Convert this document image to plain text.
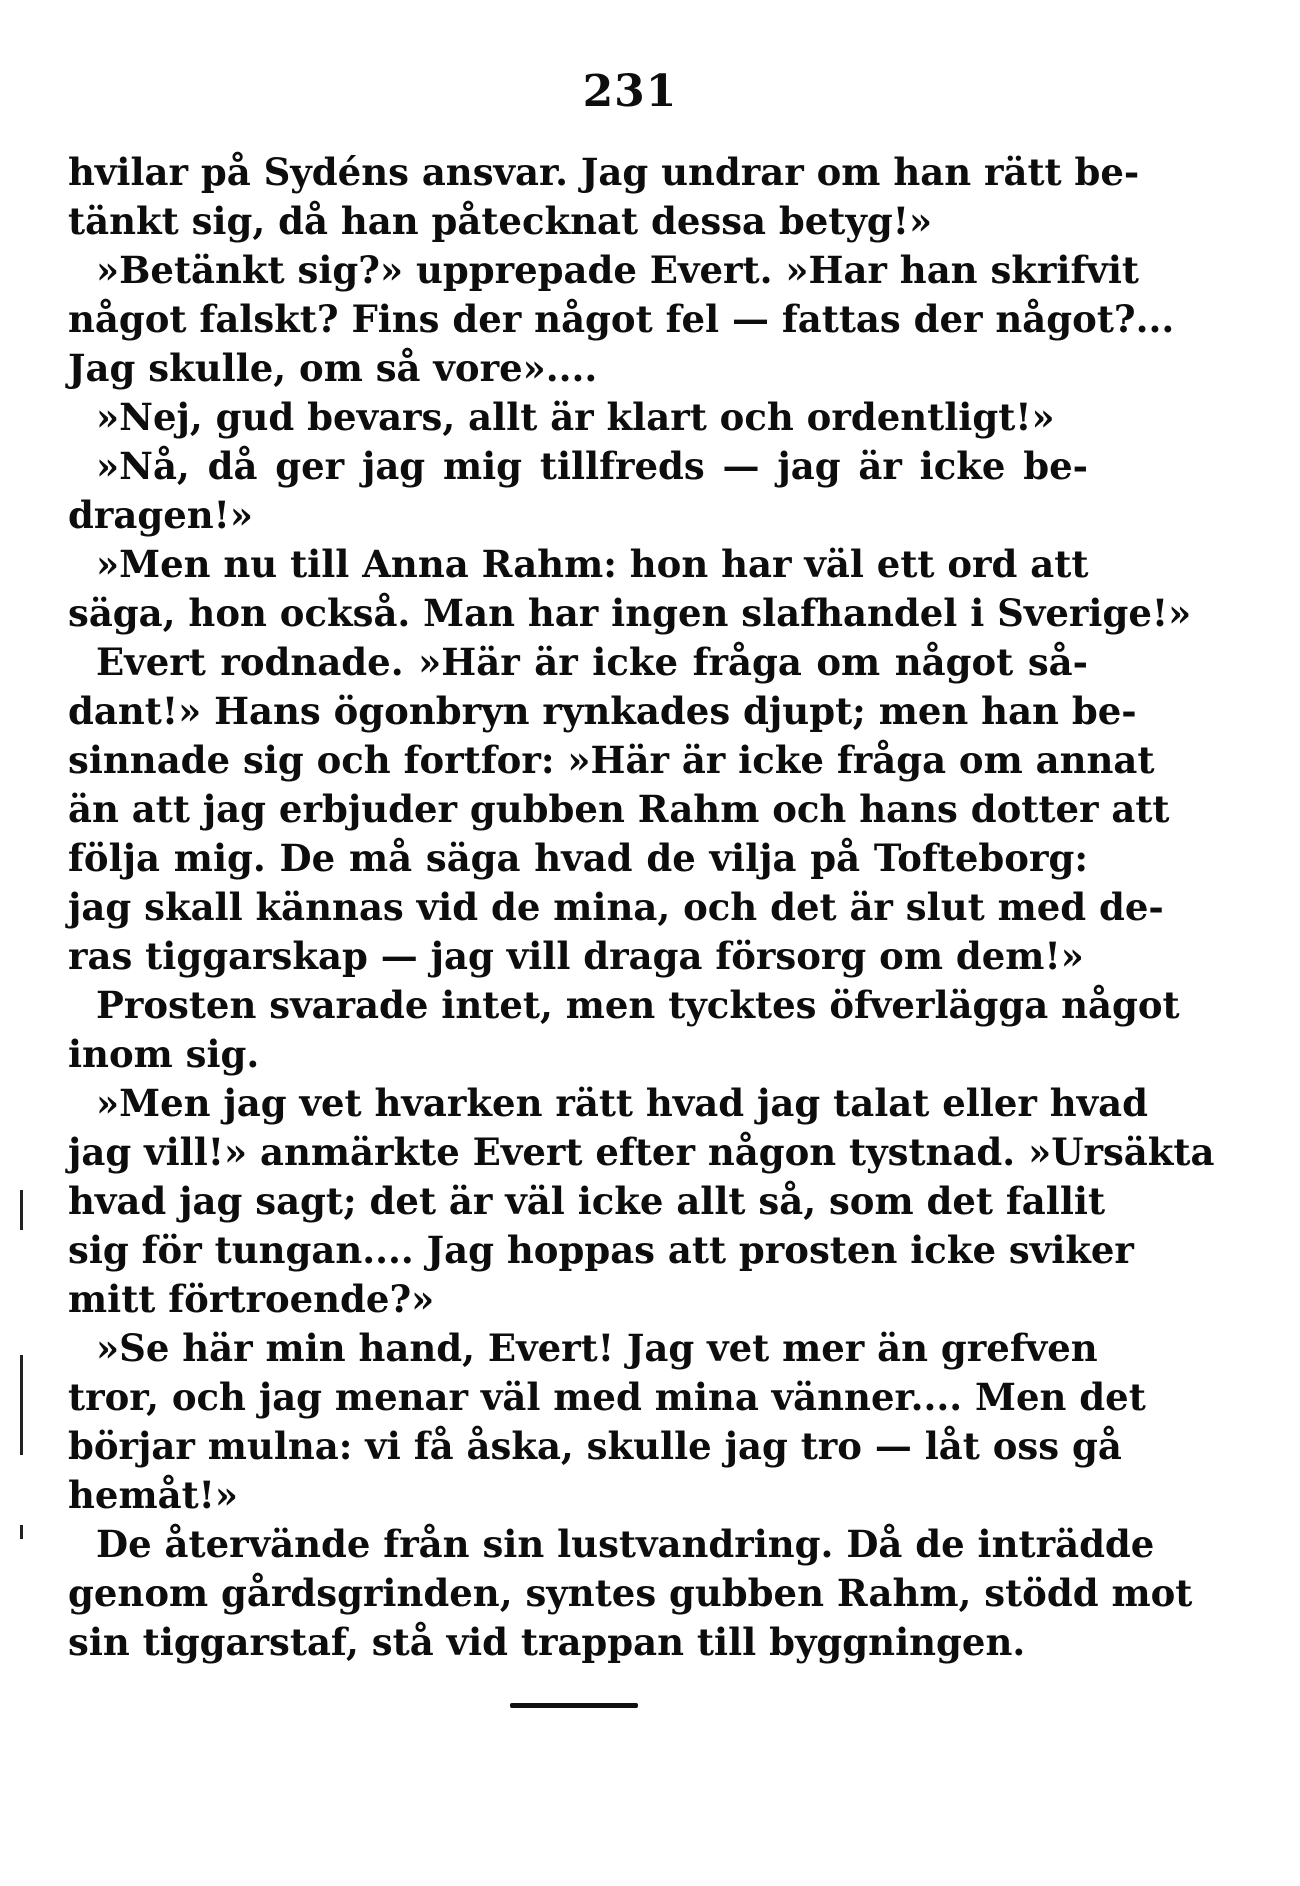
231
hvilar på Sydéns ansvar. Jag undrar om han rätt be-
tänkt sig, då han påtecknat dessa betyg!»
»Betänkt sig?» upprepade Evert. »Har han skrifvit
något falskt? Fins der något fel — fattas der något?...
Jag skulle, om så vore»....
»Nej, gud bevars, allt är klart och ordentligt!»
»Nå, då ger jag mig tillfreds — jag är icke be-
dragen!»
»Men nu till Anna Rahm: hon har väl ett ord att
säga, hon också. Man har ingen slafhandel i Sverige!»
Evert rodnade. »Här är icke fråga om något så-
dant!» Hans ögonbryn rynkades djupt; men han be-
sinnade sig och fortfor: »Här är icke fråga om annat
än att jag erbjuder gubben Rahm och hans dotter att
följa mig. De må säga hvad de vilja på Tofteborg:
jag skall kännas vid de mina, och det är slut med de-
ras tiggarskap — jag vill draga försorg om dem!»
Prosten svarade intet, men tycktes öfverlägga något
inom sig.
»Men jag vet hvarken rätt hvad jag talat eller hvad
jag vill!» anmärkte Evert efter någon tystnad. »Ursäkta
hvad jag sagt; det är väl icke allt så, som det fallit
sig för tungan.... Jag hoppas att prosten icke sviker
mitt förtroende?»
»Se här min hand, Evert! Jag vet mer än grefven
tror, och jag menar väl med mina vänner.... Men det
börjar mulna: vi få åska, skulle jag tro — låt oss gå
hemåt!»
De återvände från sin lustvandring. Då de inträdde
genom gårdsgrinden, syntes gubben Rahm, stödd mot
sin tiggarstaf, stå vid trappan till byggningen.
